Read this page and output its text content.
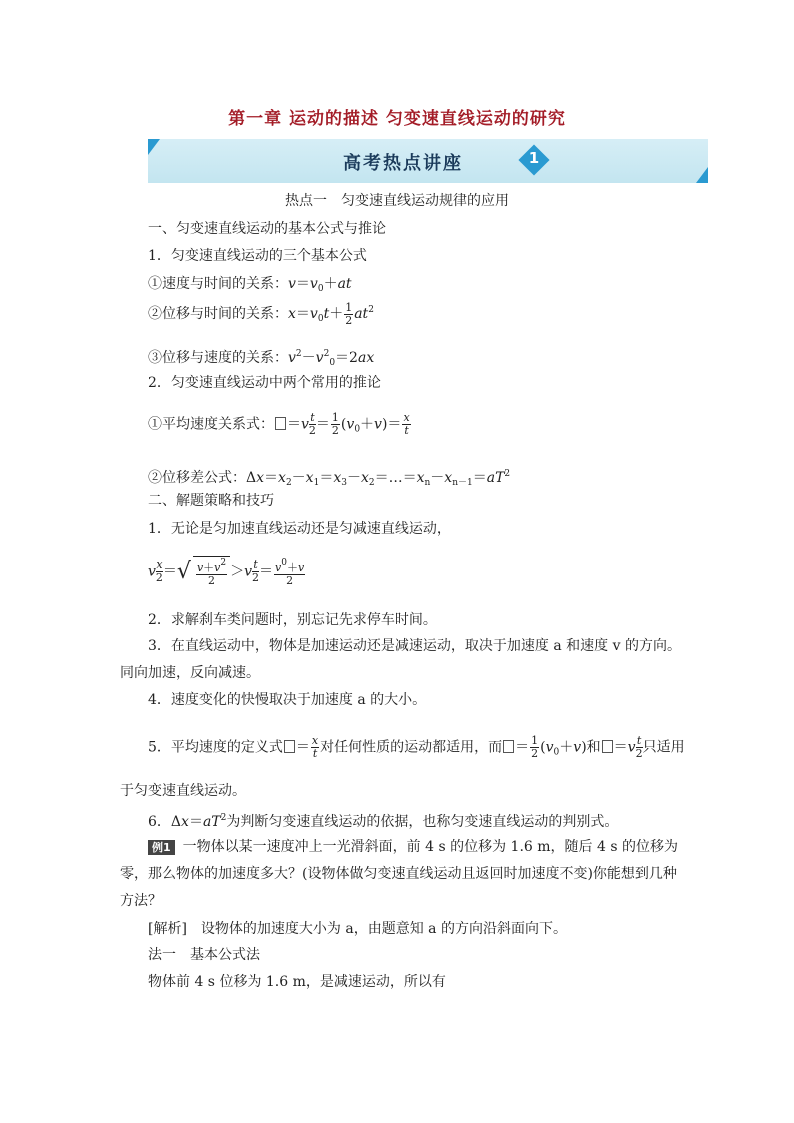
第一章 运动的描述 匀变速直线运动的研究
高考热点讲座	1
热点一　匀变速直线运动规律的应用
一、匀变速直线运动的基本公式与推论
1．匀变速直线运动的三个基本公式
①速度与时间的关系：$v=v_0+at$
②位移与时间的关系：$x=v_0t+ \frac{1}{2} at^2$
③位移与速度的关系：$v^2-v^2_0=2ax$
2．匀变速直线运动中两个常用的推论
①平均速度关系式： $=v \frac{t}{2} = \frac{1}{2} (v_0+v)= \frac{x}{t}$
②位移差公式：$\Delta x=x_2-x_1=x_3-x_2=\dots=x_n-x_{n-1}=aT^2$
二、解题策略和技巧
1．无论是匀加速直线运动还是匀减速直线运动，
v $\frac{x}{2}$ ＝√ $\frac{v+v^2}{2} >v \frac{t}{2} = \frac{v^0+v}{2}$
2．求解刹车类问题时，别忘记先求停车时间。
3．在直线运动中，物体是加速运动还是减速运动，取决于加速度 a 和速度 v 的方向。
同向加速，反向减速。
4．速度变化的快慢取决于加速度 a 的大小。
5．平均速度的定义式 ＝ $\frac{x}{t}$ 对任何性质的运动都适用，而 ＝ $\frac{1}{2} (v_0+v)$和 $=v \frac{t}{2}$ 只适用
于匀变速直线运动。
6．$\Delta x=aT^2$为判断匀变速直线运动的依据，也称匀变速直线运动的判别式。
例1 一物体以某一速度冲上一光滑斜面，前 4 s 的位移为 1.6 m，随后 4 s 的位移为
零，那么物体的加速度多大？(设物体做匀变速直线运动且返回时加速度不变)你能想到几种
方法？
[解析]　设物体的加速度大小为 a，由题意知 a 的方向沿斜面向下。
法一　基本公式法
物体前 4 s 位移为 1.6 m，是减速运动，所以有
